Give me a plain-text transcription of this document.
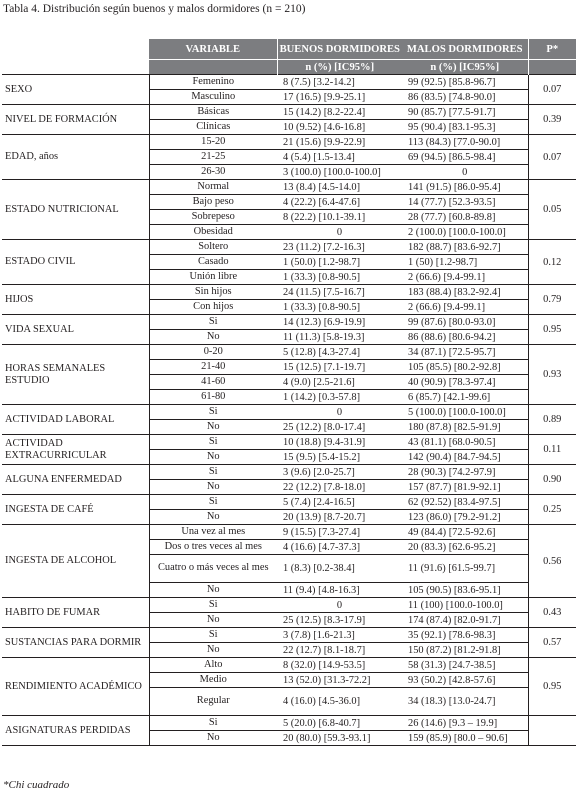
Tabla 4. Distribución según buenos y malos dormidores (n = 210)
	VARIABLE	BUENOS DORMIDORES	MALOS DORMIDORES	P*
		n (%) [IC95%]	n (%) [IC95%]	
SEXO	Femenino	8 (7.5) [3.2-14.2]	99 (92.5) [85.8-96.7]	0.07
	Masculino	17 (16.5) [9.9-25.1]	86 (83.5) [74.8-90.0]	
NIVEL DE FORMACIÓN	Básicas	15 (14.2) [8.2-22.4]	90 (85.7) [77.5-91.7]	0.39
	Clínicas	10 (9.52) [4.6-16.8]	95 (90.4) [83.1-95.3]	
EDAD, años	15-20	21 (15.6) [9.9-22.9]	113 (84.3) [77.0-90.0]	0.07
	21-25	4 (5.4) [1.5-13.4]	69 (94.5) [86.5-98.4]	
	26-30	3 (100.0) [100.0-100.0]	0	
ESTADO NUTRICIONAL	Normal	13 (8.4) [4.5-14.0]	141 (91.5) [86.0-95.4]	0.05
	Bajo peso	4 (22.2) [6.4-47.6]	14 (77.7) [52.3-93.5]	
	Sobrepeso	8 (22.2) [10.1-39.1]	28 (77.7) [60.8-89.8]	
	Obesidad	0	2 (100.0) [100.0-100.0]	
ESTADO CIVIL	Soltero	23 (11.2) [7.2-16.3]	182 (88.7) [83.6-92.7]	0.12
	Casado	1 (50.0) [1.2-98.7]	1 (50) [1.2-98.7]	
	Unión libre	1 (33.3) [0.8-90.5]	2 (66.6) [9.4-99.1]	
HIJOS	Sin hijos	24 (11.5) [7.5-16.7]	183 (88.4) [83.2-92.4]	0.79
	Con hijos	1 (33.3) [0.8-90.5]	2 (66.6) [9.4-99.1]	
VIDA SEXUAL	Si	14 (12.3) [6.9-19.9]	99 (87.6) [80.0-93.0]	0.95
	No	11 (11.3) [5.8-19.3]	86 (88.6) [80.6-94.2]	
HORAS SEMANALES ESTUDIO	0-20	5 (12.8) [4.3-27.4]	34 (87.1) [72.5-95.7]	0.93
	21-40	15 (12.5) [7.1-19.7]	105 (85.5) [80.2-92.8]	
	41-60	4 (9.0) [2.5-21.6]	40 (90.9) [78.3-97.4]	
	61-80	1 (14.2) [0.3-57.8]	6 (85.7) [42.1-99.6]	
ACTIVIDAD LABORAL	Si	0	5 (100.0) [100.0-100.0]	0.89
	No	25 (12.2) [8.0-17.4]	180 (87.8) [82.5-91.9]	
ACTIVIDAD EXTRACURRICULAR	Si	10 (18.8) [9.4-31.9]	43 (81.1) [68.0-90.5]	0.11
	No	15 (9.5) [5.4-15.2]	142 (90.4) [84.7-94.5]	
ALGUNA ENFERMEDAD	Si	3 (9.6) [2.0-25.7]	28 (90.3) [74.2-97.9]	0.90
	No	22 (12.2) [7.8-18.0]	157 (87.7) [81.9-92.1]	
INGESTA DE CAFÉ	Si	5 (7.4) [2.4-16.5]	62 (92.52) [83.4-97.5]	0.25
	No	20 (13.9) [8.7-20.7]	123 (86.0) [79.2-91.2]	
INGESTA DE ALCOHOL	Una vez al mes	9 (15.5) [7.3-27.4]	49 (84.4) [72.5-92.6]	0.56
	Dos o tres veces al mes	4 (16.6) [4.7-37.3]	20 (83.3) [62.6-95.2]	
	Cuatro o más veces al mes	1 (8.3) [0.2-38.4]	11 (91.6) [61.5-99.7]	
	No	11 (9.4) [4.8-16.3]	105 (90.5) [83.6-95.1]	
HABITO DE FUMAR	Si	0	11 (100) [100.0-100.0]	0.43
	No	25 (12.5) [8.3-17.9]	174 (87.4) [82.0-91.7]	
SUSTANCIAS PARA DORMIR	Si	3 (7.8) [1.6-21.3]	35 (92.1) [78.6-98.3]	0.57
	No	22 (12.7) [8.1-18.7]	150 (87.2) [81.2-91.8]	
RENDIMIENTO ACADÉMICO	Alto	8 (32.0) [14.9-53.5]	58 (31.3) [24.7-38.5]	0.95
	Medio	13 (52.0) [31.3-72.2]	93 (50.2) [42.8-57.6]	
	Regular	4 (16.0) [4.5-36.0]	34 (18.3) [13.0-24.7]	
ASIGNATURAS PERDIDAS	Si	5 (20.0) [6.8-40.7]	26 (14.6) [9.3 – 19.9]	
	No	20 (80.0) [59.3-93.1]	159 (85.9) [80.0 – 90.6]	
*Chi cuadrado
